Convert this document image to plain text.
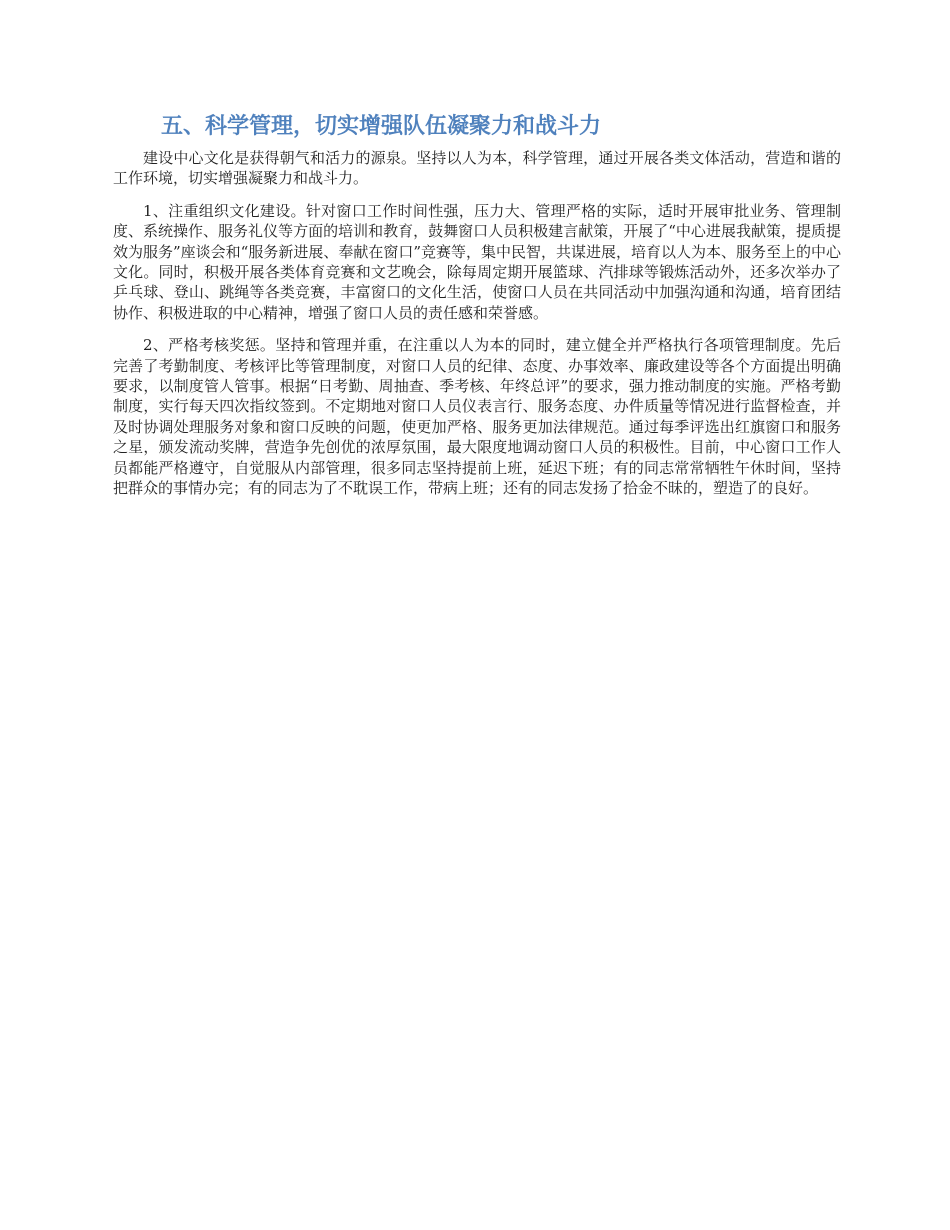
五、科学管理，切实增强队伍凝聚力和战斗力

建设中心文化是获得朝气和活力的源泉。坚持以人为本，科学管理，通过开展各类文体活动，营造和谐的工作环境，切实增强凝聚力和战斗力。

1、注重组织文化建设。针对窗口工作时间性强，压力大、管理严格的实际，适时开展审批业务、管理制度、系统操作、服务礼仪等方面的培训和教育，鼓舞窗口人员积极建言献策，开展了“中心进展我献策，提质提效为服务”座谈会和“服务新进展、奉献在窗口”竞赛等，集中民智，共谋进展，培育以人为本、服务至上的中心文化。同时，积极开展各类体育竞赛和文艺晚会，除每周定期开展篮球、汽排球等锻炼活动外，还多次举办了乒乓球、登山、跳绳等各类竞赛，丰富窗口的文化生活，使窗口人员在共同活动中加强沟通和沟通，培育团结协作、积极进取的中心精神，增强了窗口人员的责任感和荣誉感。

2、严格考核奖惩。坚持和管理并重，在注重以人为本的同时，建立健全并严格执行各项管理制度。先后完善了考勤制度、考核评比等管理制度，对窗口人员的纪律、态度、办事效率、廉政建设等各个方面提出明确要求，以制度管人管事。根据“日考勤、周抽查、季考核、年终总评”的要求，强力推动制度的实施。严格考勤制度，实行每天四次指纹签到。不定期地对窗口人员仪表言行、服务态度、办件质量等情况进行监督检查，并及时协调处理服务对象和窗口反映的问题，使更加严格、服务更加法律规范。通过每季评选出红旗窗口和服务之星，颁发流动奖牌，营造争先创优的浓厚氛围，最大限度地调动窗口人员的积极性。目前，中心窗口工作人员都能严格遵守，自觉服从内部管理，很多同志坚持提前上班，延迟下班；有的同志常常牺牲午休时间，坚持把群众的事情办完；有的同志为了不耽误工作，带病上班；还有的同志发扬了拾金不昧的，塑造了的良好。
